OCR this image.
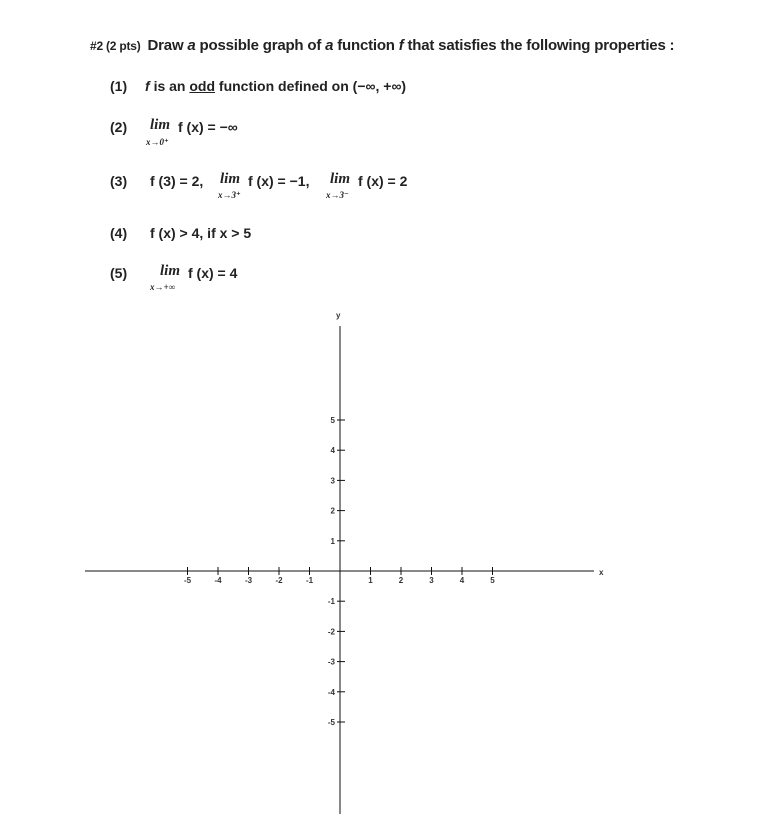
#2 (2 pts) Draw a possible graph of a function f that satisfies the following properties :
(1) f is an odd function defined on (−∞, +∞)
(2) lim f (x) = −∞
x→0⁺
(3) f (3) = 2, lim f (x) = −1,
x→3⁺
lim f (x) = 2
x→3⁻
(4) f (x) > 4, if x > 5
(5) lim f (x) = 4
x→+∞
x
y
-5	-4	-3	-2	-1	1	2	3	4	5
5
4
3
2
1
-1
-2
-3
-4
-5
